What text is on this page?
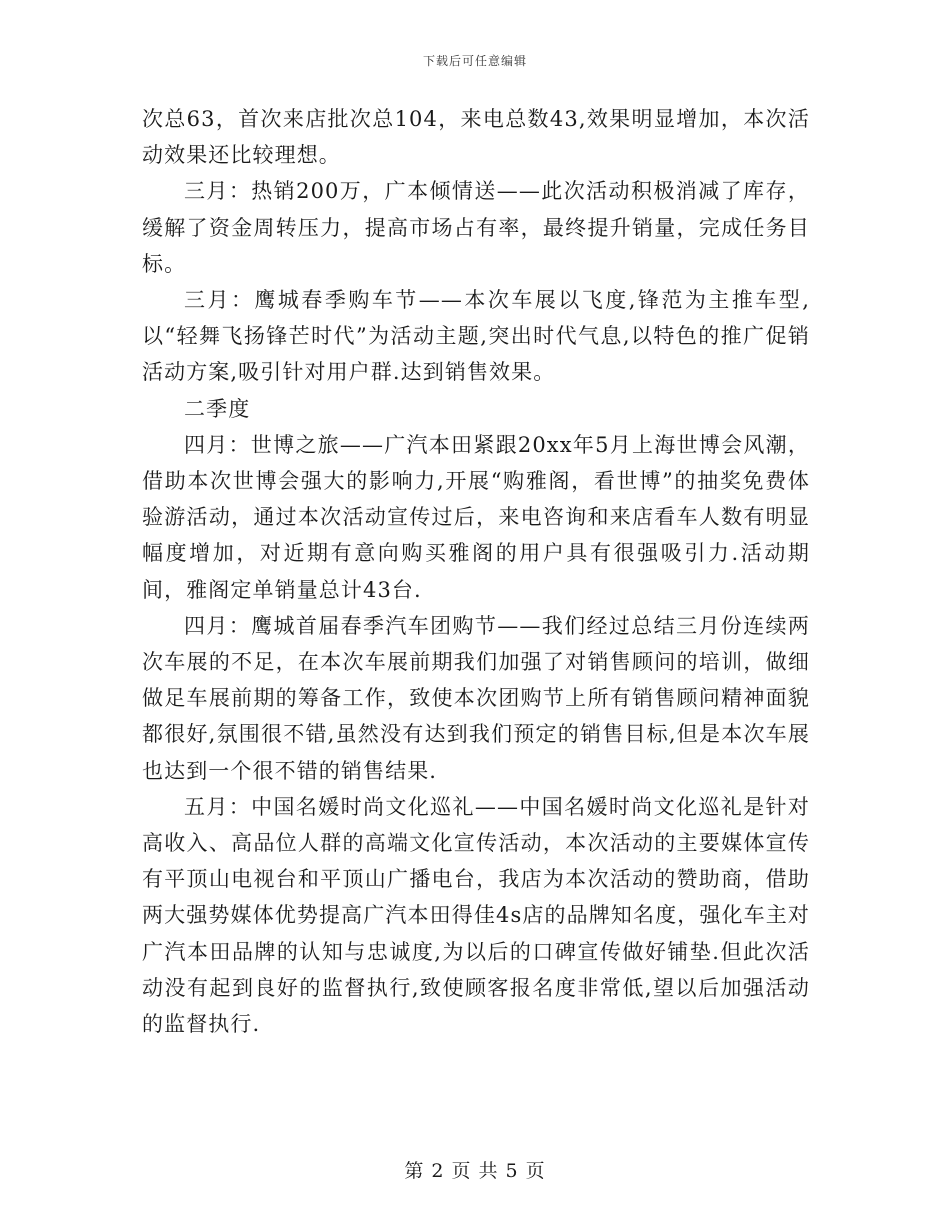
下载后可任意编辑

次总63，首次来店批次总104，来电总数43,效果明显增加，本次活动效果还比较理想。

三月：热销200万，广本倾情送——此次活动积极消减了库存，缓解了资金周转压力，提高市场占有率，最终提升销量，完成任务目标。

三月：鹰城春季购车节——本次车展以飞度,锋范为主推车型,以“轻舞飞扬锋芒时代”为活动主题,突出时代气息,以特色的推广促销活动方案,吸引针对用户群.达到销售效果。

二季度

四月：世博之旅——广汽本田紧跟20xx年5月上海世博会风潮，借助本次世博会强大的影响力,开展“购雅阁，看世博”的抽奖免费体验游活动，通过本次活动宣传过后，来电咨询和来店看车人数有明显幅度增加，对近期有意向购买雅阁的用户具有很强吸引力.活动期间，雅阁定单销量总计43台.

四月：鹰城首届春季汽车团购节——我们经过总结三月份连续两次车展的不足，在本次车展前期我们加强了对销售顾问的培训，做细做足车展前期的筹备工作，致使本次团购节上所有销售顾问精神面貌都很好,氛围很不错,虽然没有达到我们预定的销售目标,但是本次车展也达到一个很不错的销售结果.

五月：中国名媛时尚文化巡礼——中国名媛时尚文化巡礼是针对高收入、高品位人群的高端文化宣传活动，本次活动的主要媒体宣传有平顶山电视台和平顶山广播电台，我店为本次活动的赞助商，借助两大强势媒体优势提高广汽本田得佳4s店的品牌知名度，强化车主对广汽本田品牌的认知与忠诚度,为以后的口碑宣传做好铺垫.但此次活动没有起到良好的监督执行,致使顾客报名度非常低,望以后加强活动的监督执行.

第 2 页 共 5 页
